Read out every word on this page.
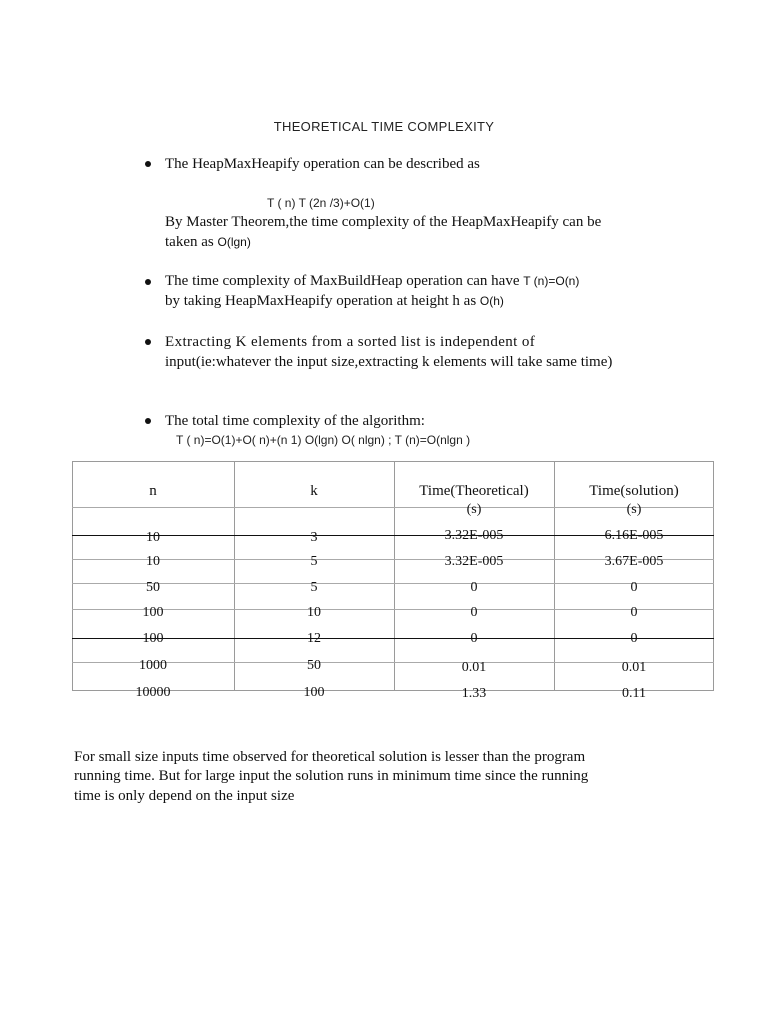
THEORETICAL TIME COMPLEXITY
The HeapMaxHeapify operation can be described as
T ( n) T (2n /3)+O(1)
By Master Theorem,the time complexity of the HeapMaxHeapify can be
taken as O(lgn)
The time complexity of MaxBuildHeap operation can have T (n)=O(n)
by taking HeapMaxHeapify operation at height h as O(h)
Extracting K elements from a sorted list is independent of
input(ie:whatever the input size,extracting k elements will take same time)
The total time complexity of the algorithm:
T ( n)=O(1)+O( n)+(n 1) O(lgn) O( nlgn) ; T (n)=O(nlgn )
n	k	Time(Theoretical)	Time(solution)
(s)	(s)
10	3	3.32E-005	6.16E-005
10	5	3.32E-005	3.67E-005
50	5	0	0
100	10	0	0
100	12	0	0
1000	50	0.01	0.01
10000	100	1.33	0.11
For small size inputs time observed for theoretical solution is lesser than the program
running time. But for large input the solution runs in minimum time since the running
time is only depend on the input size
